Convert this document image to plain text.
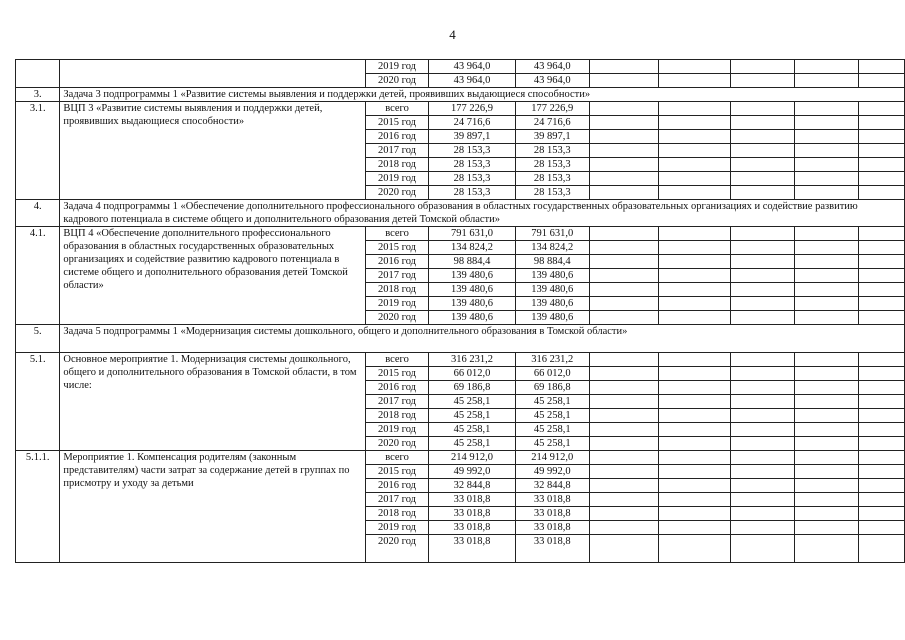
4
		2019 год	43 964,0	43 964,0					
		2020 год	43 964,0	43 964,0					
3.	Задача 3 подпрограммы 1 «Развитие системы выявления и поддержки детей, проявивших выдающиеся способности»								
3.1.	ВЦП 3 «Развитие системы выявления и поддержки детей, проявивших выдающиеся способности»	всего	177 226,9	177 226,9					
		2015 год	24 716,6	24 716,6					
		2016 год	39 897,1	39 897,1					
		2017 год	28 153,3	28 153,3					
		2018 год	28 153,3	28 153,3					
		2019 год	28 153,3	28 153,3					
		2020 год	28 153,3	28 153,3					
4.	Задача 4 подпрограммы 1 «Обеспечение дополнительного профессионального образования в областных государственных образовательных организациях и содействие развитию кадрового потенциала в системе общего и дополнительного образования детей Томской области»								
4.1.	ВЦП 4 «Обеспечение дополнительного профессионального образования в областных государственных образовательных организациях и содействие развитию кадрового потенциала в системе общего и дополнительного образования детей Томской области»	всего	791 631,0	791 631,0					
		2015 год	134 824,2	134 824,2					
		2016 год	98 884,4	98 884,4					
		2017 год	139 480,6	139 480,6					
		2018 год	139 480,6	139 480,6					
		2019 год	139 480,6	139 480,6					
		2020 год	139 480,6	139 480,6					
5.	Задача 5 подпрограммы 1 «Модернизация системы дошкольного, общего и дополнительного образования в Томской области»								
5.1.	Основное мероприятие 1. Модернизация системы дошкольного, общего и дополнительного образования в Томской области, в том числе:	всего	316 231,2	316 231,2					
		2015 год	66 012,0	66 012,0					
		2016 год	69 186,8	69 186,8					
		2017 год	45 258,1	45 258,1					
		2018 год	45 258,1	45 258,1					
		2019 год	45 258,1	45 258,1					
		2020 год	45 258,1	45 258,1					
5.1.1.	Мероприятие 1. Компенсация родителям (законным представителям) части затрат за содержание детей в группах по присмотру и уходу за детьми	всего	214 912,0	214 912,0					
		2015 год	49 992,0	49 992,0					
		2016 год	32 844,8	32 844,8					
		2017 год	33 018,8	33 018,8					
		2018 год	33 018,8	33 018,8					
		2019 год	33 018,8	33 018,8					
		2020 год	33 018,8	33 018,8					
